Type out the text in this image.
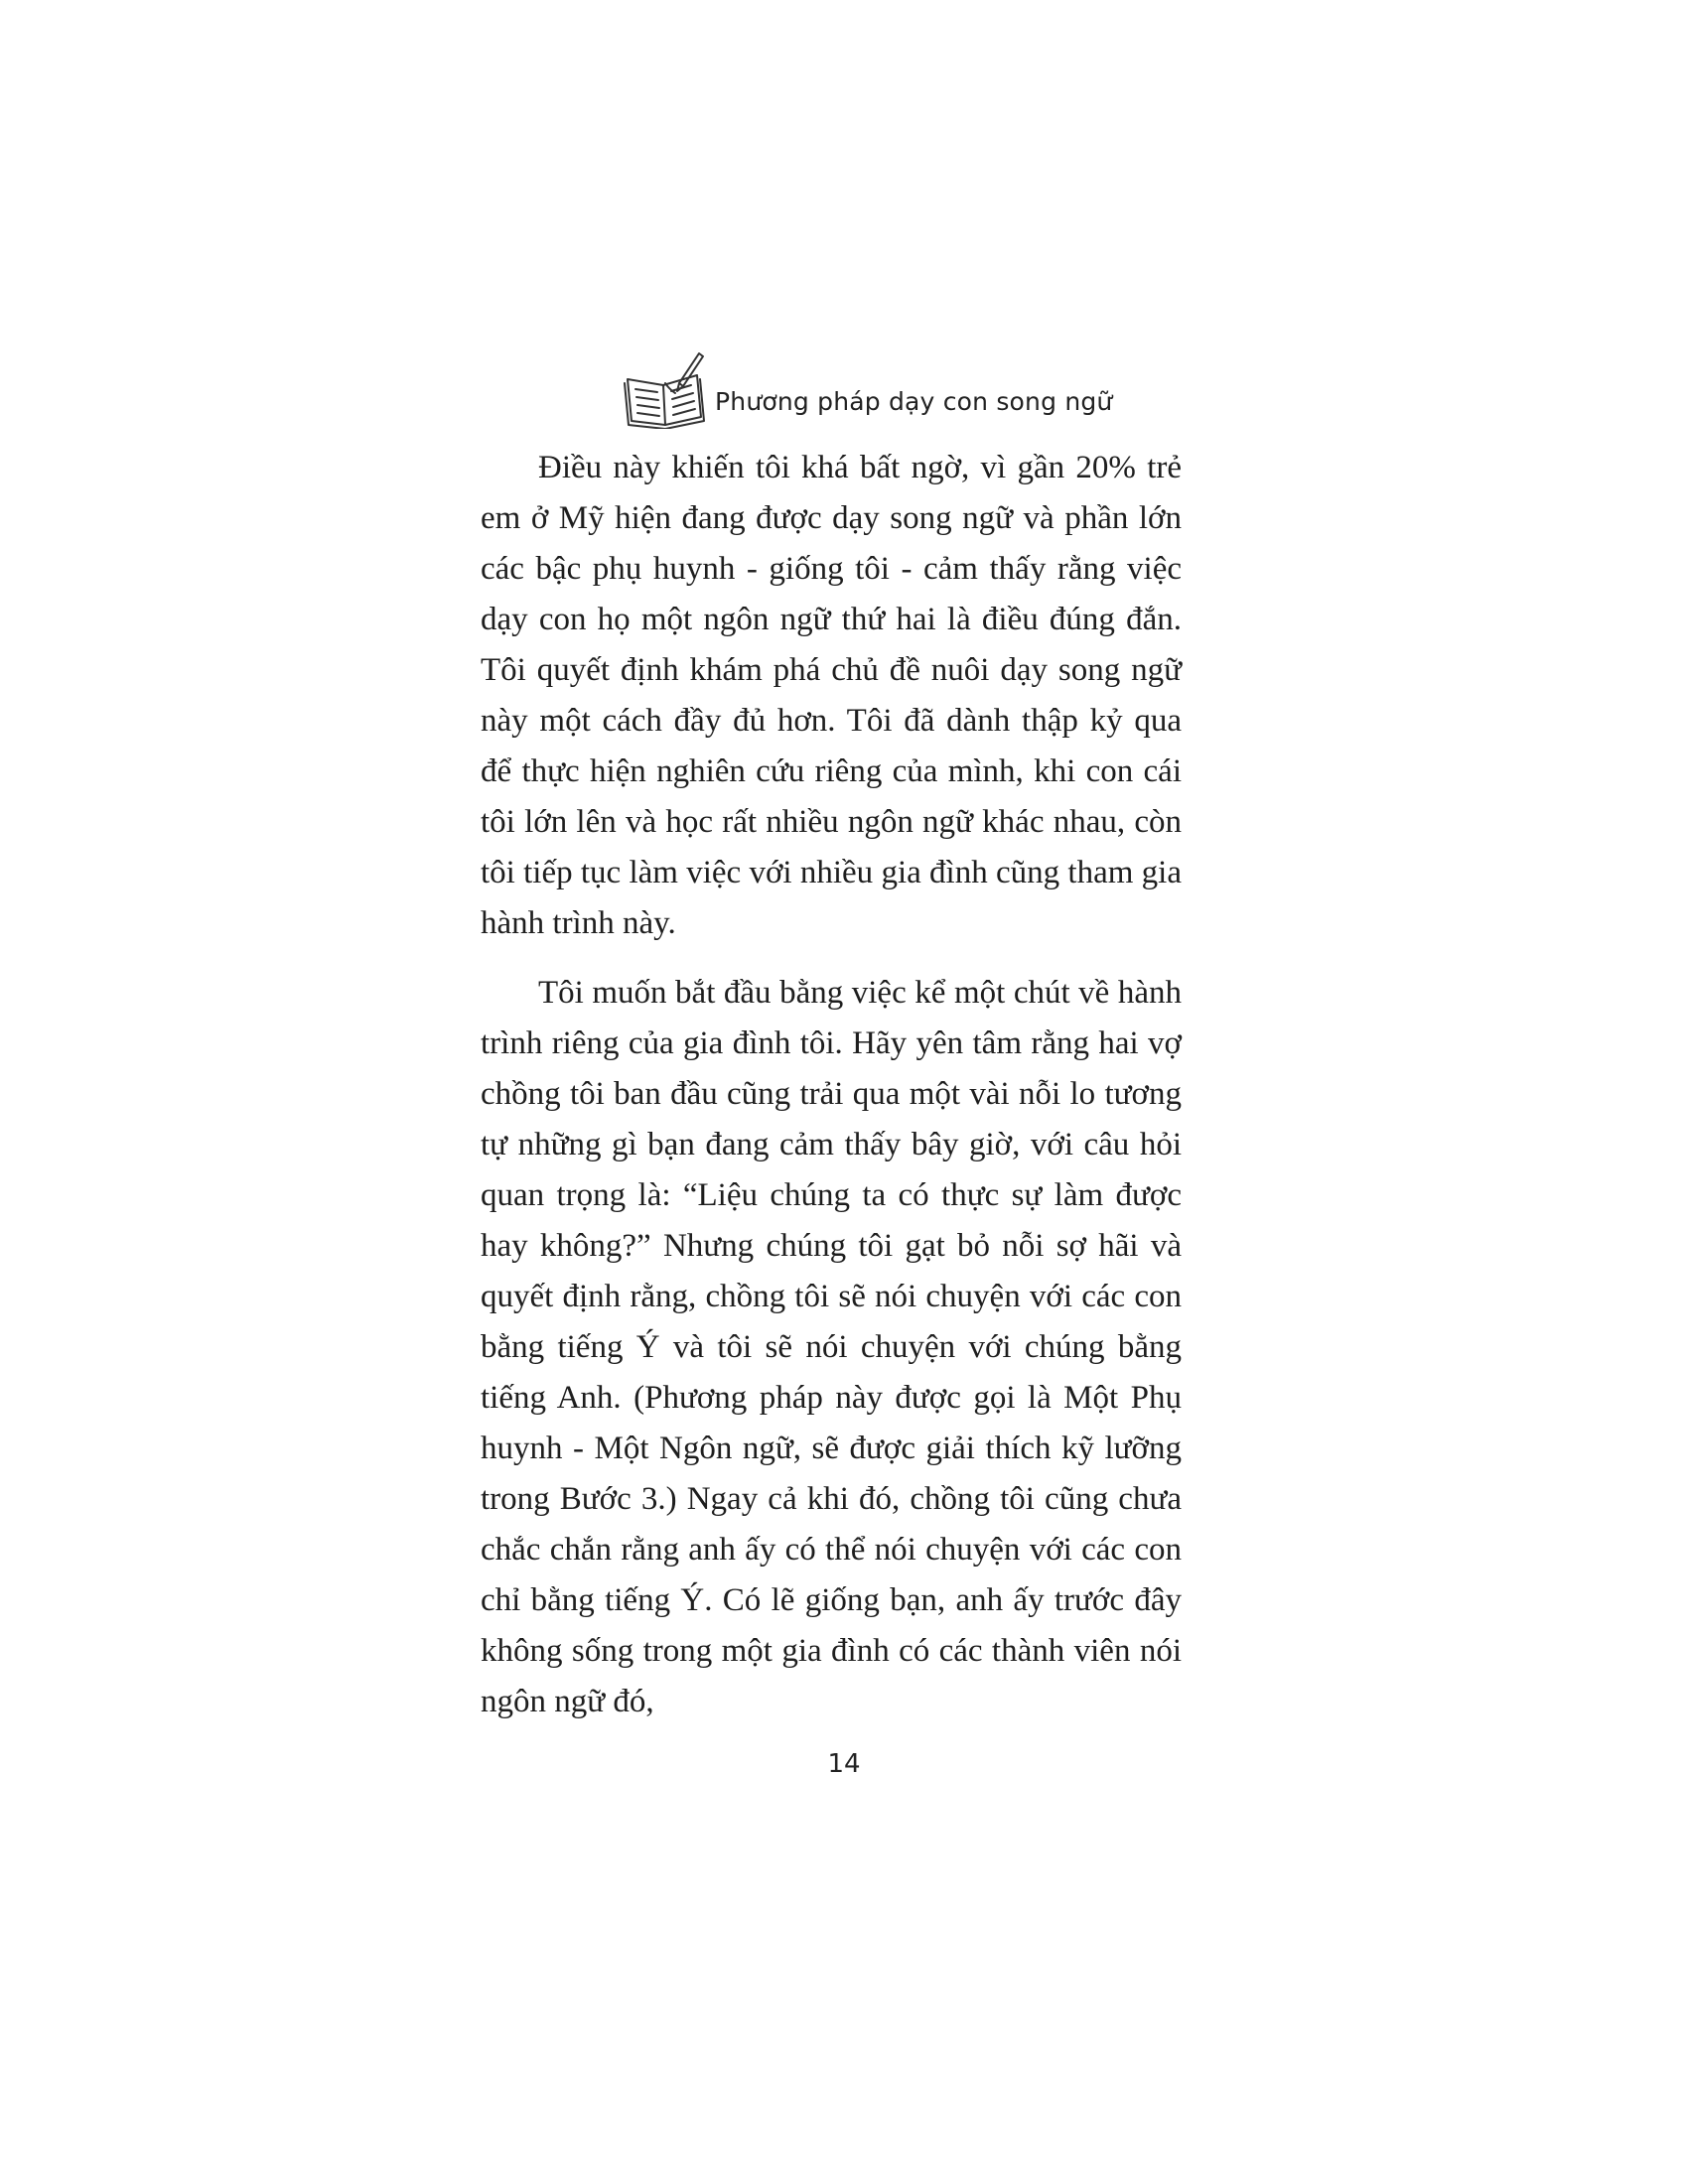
Phương pháp dạy con song ngữ

Điều này khiến tôi khá bất ngờ, vì gần 20% trẻ em ở Mỹ hiện đang được dạy song ngữ và phần lớn các bậc phụ huynh - giống tôi - cảm thấy rằng việc dạy con họ một ngôn ngữ thứ hai là điều đúng đắn. Tôi quyết định khám phá chủ đề nuôi dạy song ngữ này một cách đầy đủ hơn. Tôi đã dành thập kỷ qua để thực hiện nghiên cứu riêng của mình, khi con cái tôi lớn lên và học rất nhiều ngôn ngữ khác nhau, còn tôi tiếp tục làm việc với nhiều gia đình cũng tham gia hành trình này.

Tôi muốn bắt đầu bằng việc kể một chút về hành trình riêng của gia đình tôi. Hãy yên tâm rằng hai vợ chồng tôi ban đầu cũng trải qua một vài nỗi lo tương tự những gì bạn đang cảm thấy bây giờ, với câu hỏi quan trọng là: “Liệu chúng ta có thực sự làm được hay không?” Nhưng chúng tôi gạt bỏ nỗi sợ hãi và quyết định rằng, chồng tôi sẽ nói chuyện với các con bằng tiếng Ý và tôi sẽ nói chuyện với chúng bằng tiếng Anh. (Phương pháp này được gọi là Một Phụ huynh - Một Ngôn ngữ, sẽ được giải thích kỹ lưỡng trong Bước 3.) Ngay cả khi đó, chồng tôi cũng chưa chắc chắn rằng anh ấy có thể nói chuyện với các con chỉ bằng tiếng Ý. Có lẽ giống bạn, anh ấy trước đây không sống trong một gia đình có các thành viên nói ngôn ngữ đó,

14
